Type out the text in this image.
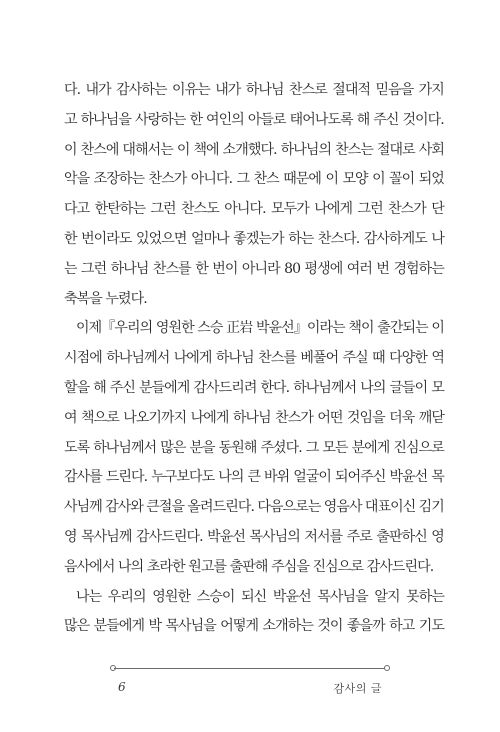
다. 내가 감사하는 이유는 내가 하나님 찬스로 절대적 믿음을 가지
고 하나님을 사랑하는 한 여인의 아들로 태어나도록 해 주신 것이다.
이 찬스에 대해서는 이 책에 소개했다. 하나님의 찬스는 절대로 사회
악을 조장하는 찬스가 아니다. 그 찬스 때문에 이 모양 이 꼴이 되었
다고 한탄하는 그런 찬스도 아니다. 모두가 나에게 그런 찬스가 단
한 번이라도 있었으면 얼마나 좋겠는가 하는 찬스다. 감사하게도 나
는 그런 하나님 찬스를 한 번이 아니라 80 평생에 여러 번 경험하는
축복을 누렸다.
이제『우리의 영원한 스승 正岩 박윤선』이라는 책이 출간되는 이
시점에 하나님께서 나에게 하나님 찬스를 베풀어 주실 때 다양한 역
할을 해 주신 분들에게 감사드리려 한다. 하나님께서 나의 글들이 모
여 책으로 나오기까지 나에게 하나님 찬스가 어떤 것임을 더욱 깨닫
도록 하나님께서 많은 분을 동원해 주셨다. 그 모든 분에게 진심으로
감사를 드린다. 누구보다도 나의 큰 바위 얼굴이 되어주신 박윤선 목
사님께 감사와 큰절을 올려드린다. 다음으로는 영음사 대표이신 김기
영 목사님께 감사드린다. 박윤선 목사님의 저서를 주로 출판하신 영
음사에서 나의 초라한 원고를 출판해 주심을 진심으로 감사드린다.
나는 우리의 영원한 스승이 되신 박윤선 목사님을 알지 못하는
많은 분들에게 박 목사님을 어떻게 소개하는 것이 좋을까 하고 기도
6	감사의 글
